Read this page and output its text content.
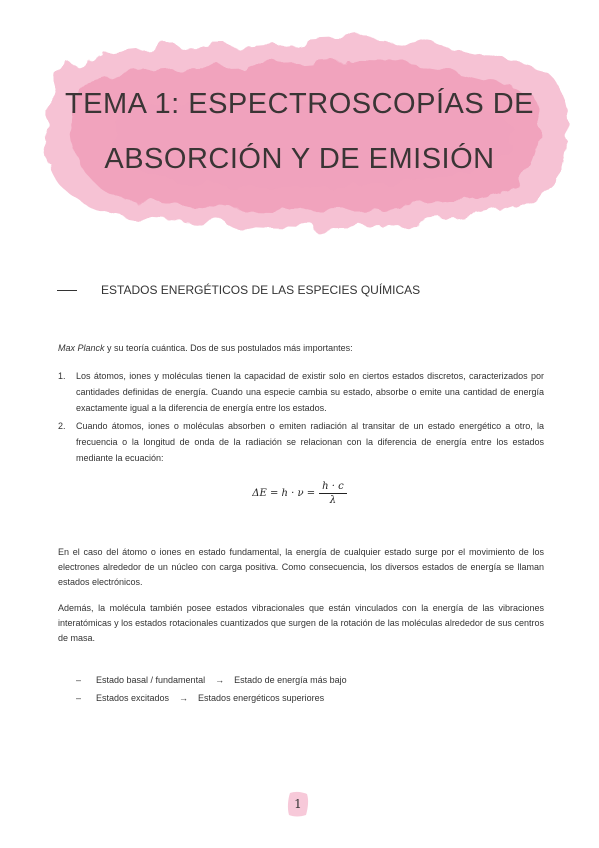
TEMA 1: ESPECTROSCOPÍAS DE
ABSORCIÓN Y DE EMISIÓN
ESTADOS ENERGÉTICOS DE LAS ESPECIES QUÍMICAS

Max Planck y su teoría cuántica. Dos de sus postulados más importantes:

1.	Los átomos, iones y moléculas tienen la capacidad de existir solo en ciertos estados discretos, caracterizados por cantidades definidas de energía. Cuando una especie cambia su estado, absorbe o emite una cantidad de energía exactamente igual a la diferencia de energía entre los estados.
2.	Cuando átomos, iones o moléculas absorben o emiten radiación al transitar de un estado energético a otro, la frecuencia o la longitud de onda de la radiación se relacionan con la diferencia de energía entre los estados mediante la ecuación:
$\Delta E = h \cdot \nu = \frac{h \cdot c}{\lambda}$

En el caso del átomo o iones en estado fundamental, la energía de cualquier estado surge por el movimiento de los electrones alrededor de un núcleo con carga positiva. Como consecuencia, los diversos estados de energía se llaman estados electrónicos.

Además, la molécula también posee estados vibracionales que están vinculados con la energía de las vibraciones interatómicas y los estados rotacionales cuantizados que surgen de la rotación de las moléculas alrededor de sus centros de masa.

–	Estado basal / fundamental → Estado de energía más bajo
–	Estados excitados → Estados energéticos superiores
1
